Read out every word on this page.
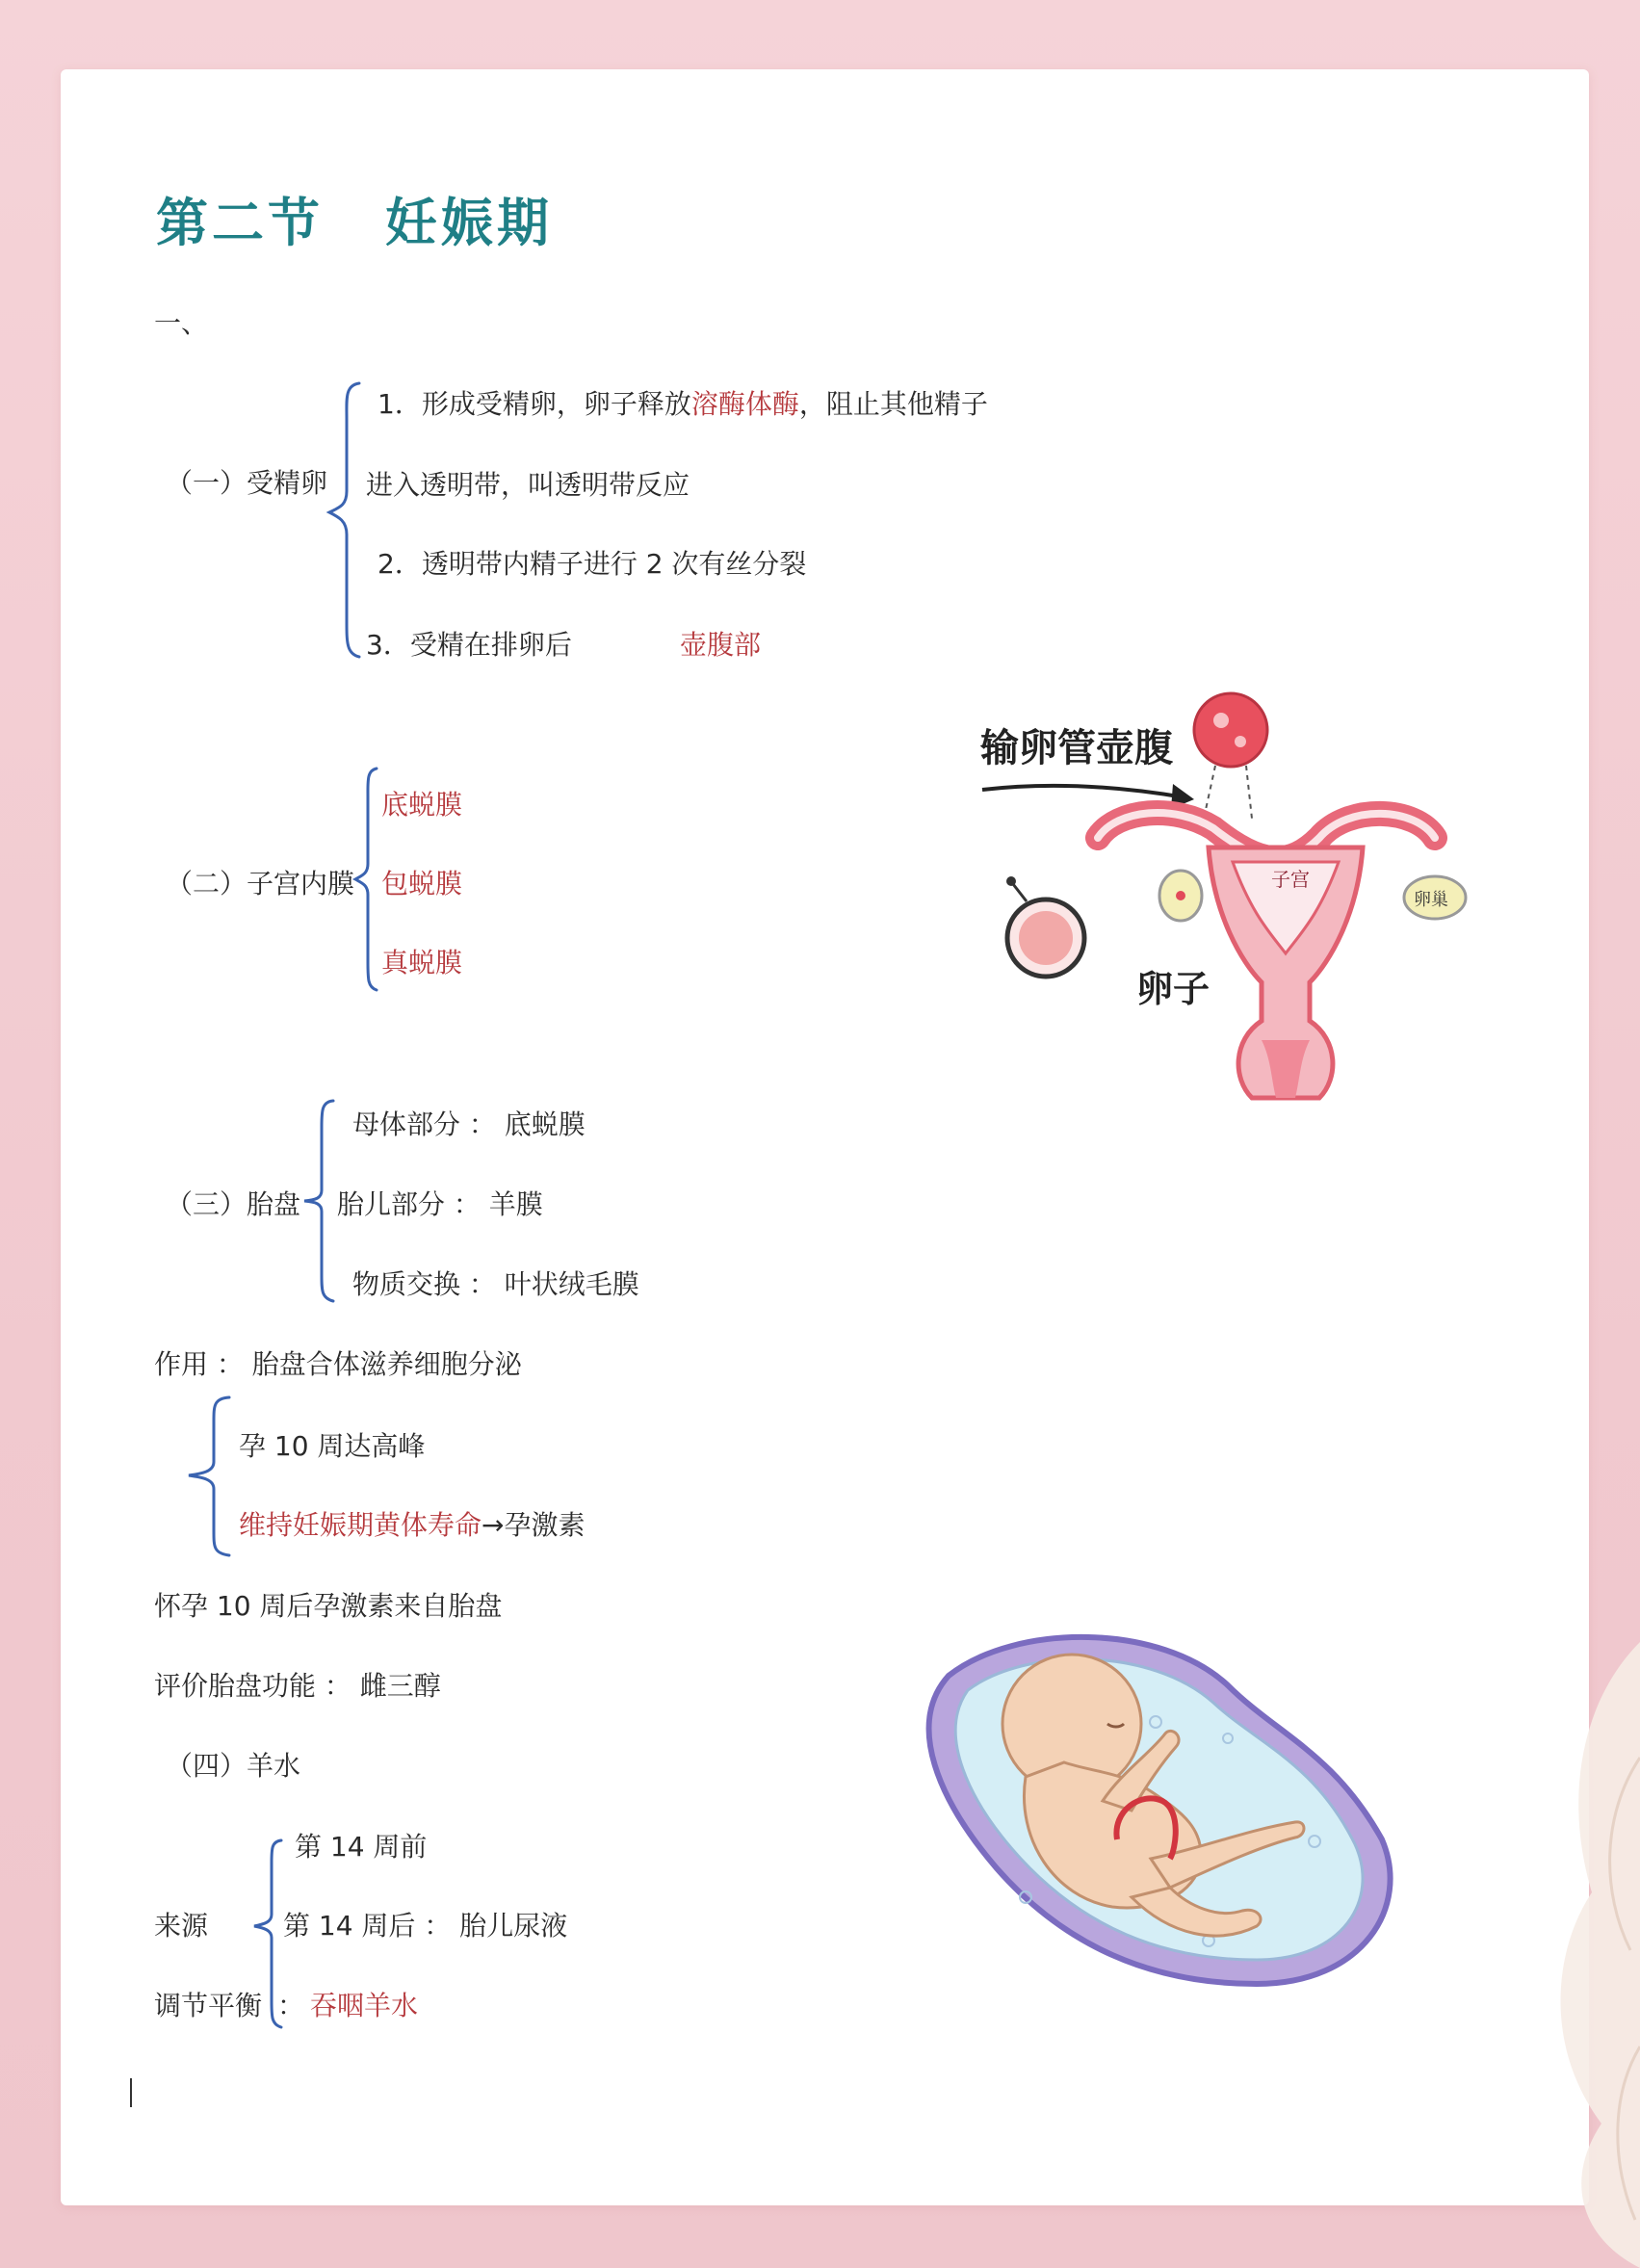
第二节 妊娠期
一、
（一）受精卵
1．形成受精卵，卵子释放溶酶体酶，阻止其他精子
进入透明带，叫透明带反应
2．透明带内精子进行 2 次有丝分裂
3．受精在排卵后	壶腹部
（二）子宫内膜
底蜕膜
包蜕膜
真蜕膜
输卵管壶腹
子宫
卵巢
卵子
（三）胎盘
母体部分 ： 底蜕膜
胎儿部分 ： 羊膜
物质交换 ： 叶状绒毛膜
作用 ： 胎盘合体滋养细胞分泌
孕 10 周达高峰
维持妊娠期黄体寿命→孕激素
怀孕 10 周后孕激素来自胎盘
评价胎盘功能 ： 雌三醇
（四）羊水
来源
第 14 周前
第 14 周后 ： 胎儿尿液
调节平衡 ： 吞咽羊水
